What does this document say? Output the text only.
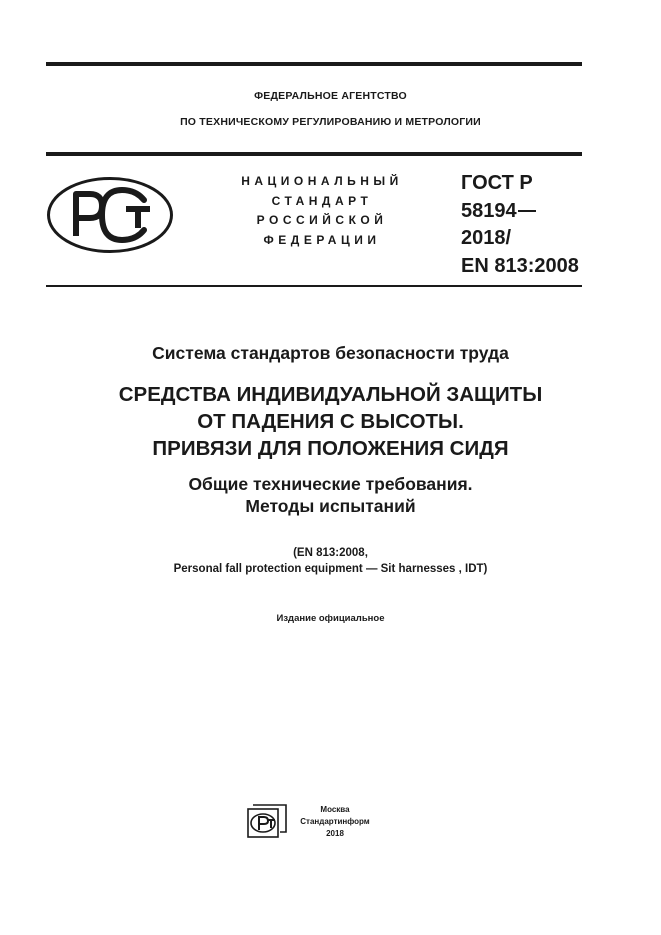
ФЕДЕРАЛЬНОЕ АГЕНТСТВО
ПО ТЕХНИЧЕСКОМУ РЕГУЛИРОВАНИЮ И МЕТРОЛОГИИ
НАЦИОНАЛЬНЫЙ
СТАНДАРТ
РОССИЙСКОЙ
ФЕДЕРАЦИИ
ГОСТ Р
58194
2018/
EN 813:2008
Система стандартов безопасности труда
СРЕДСТВА ИНДИВИДУАЛЬНОЙ ЗАЩИТЫ
ОТ ПАДЕНИЯ С ВЫСОТЫ.
ПРИВЯЗИ ДЛЯ ПОЛОЖЕНИЯ СИДЯ
Общие технические требования.
Методы испытаний
(EN 813:2008,
Personal fall protection equipment — Sit harnesses , IDT)
Издание официальное
Москва
Стандартинформ
2018
